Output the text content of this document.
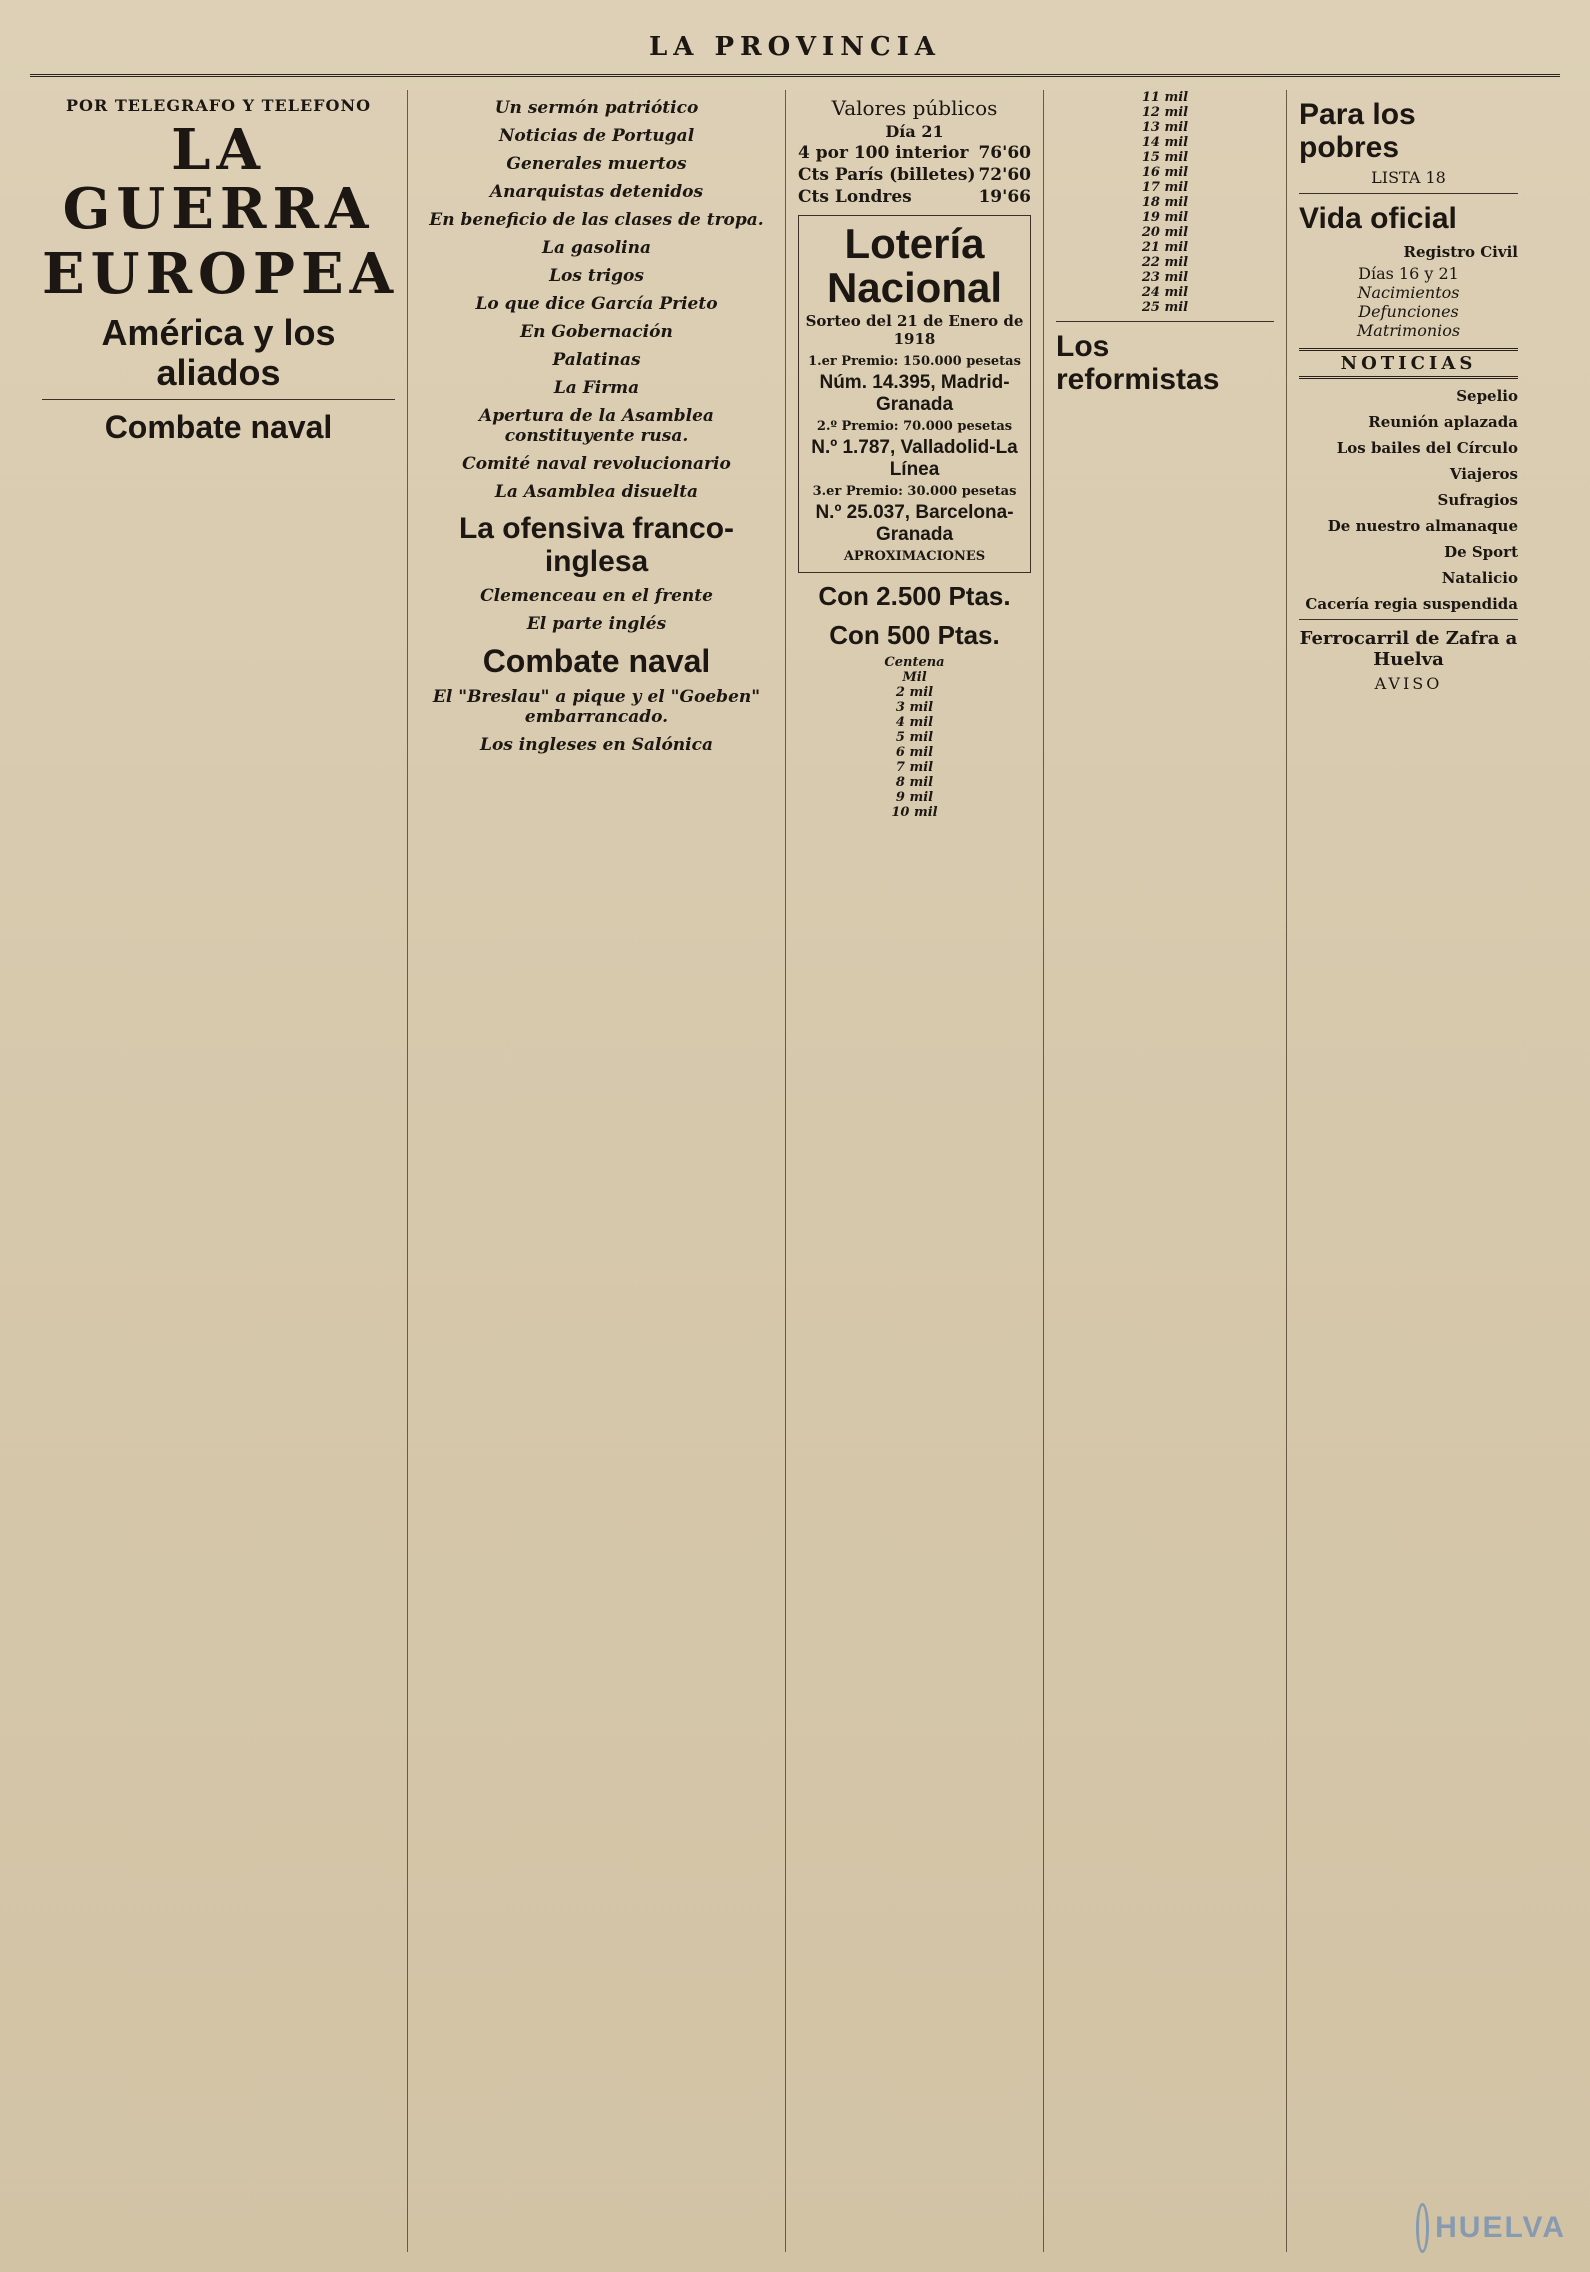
LA PROVINCIA
POR TELEGRAFO Y TELEFONO
LA GUERRA
EUROPEA
América y los aliados
Combate naval
Un sermón patriótico
Noticias de Portugal
Generales muertos
Anarquistas detenidos
En beneficio de las clases de tropa.
La gasolina
Los trigos
Lo que dice García Prieto
En Gobernación
Palatinas
La Firma
Apertura de la Asamblea constituyente rusa.
Comité naval revolucionario
La Asamblea disuelta
La ofensiva franco-inglesa
Clemenceau en el frente
El parte inglés
Combate naval
El "Breslau" a pique y el "Goeben" embarrancado.
Los ingleses en Salónica
Valores públicos
Día 21
4 por 100 interior 76'60
Cts París (billetes) 72'60
Cts Londres	19'66
Lotería Nacional
Sorteo del 21 de Enero de 1918
1.er Premio: 150.000 pesetas
Núm. 14.395, Madrid-Granada
2.º Premio: 70.000 pesetas
N.º 1.787, Valladolid-La Línea
3.er Premio: 30.000 pesetas
N.º 25.037, Barcelona-Granada
APROXIMACIONES
Con 2.500 Ptas.
Con 500 Ptas.
Centena
Mil
2 mil
3 mil
4 mil
5 mil
6 mil
7 mil
8 mil
9 mil
10 mil
11 mil
12 mil
13 mil
14 mil
15 mil
16 mil
17 mil
18 mil
19 mil
20 mil
21 mil
22 mil
23 mil
24 mil
25 mil
Los reformistas
Para los pobres
LISTA 18
Vida oficial
Registro Civil
Días 16 y 21
Nacimientos
Defunciones
Matrimonios
NOTICIAS
Sepelio
Reunión aplazada
Los bailes del Círculo
Viajeros
Sufragios
De nuestro almanaque
De Sport
Natalicio
Cacería regia suspendida
Ferrocarril de Zafra a Huelva
AVISO
HUELVA
